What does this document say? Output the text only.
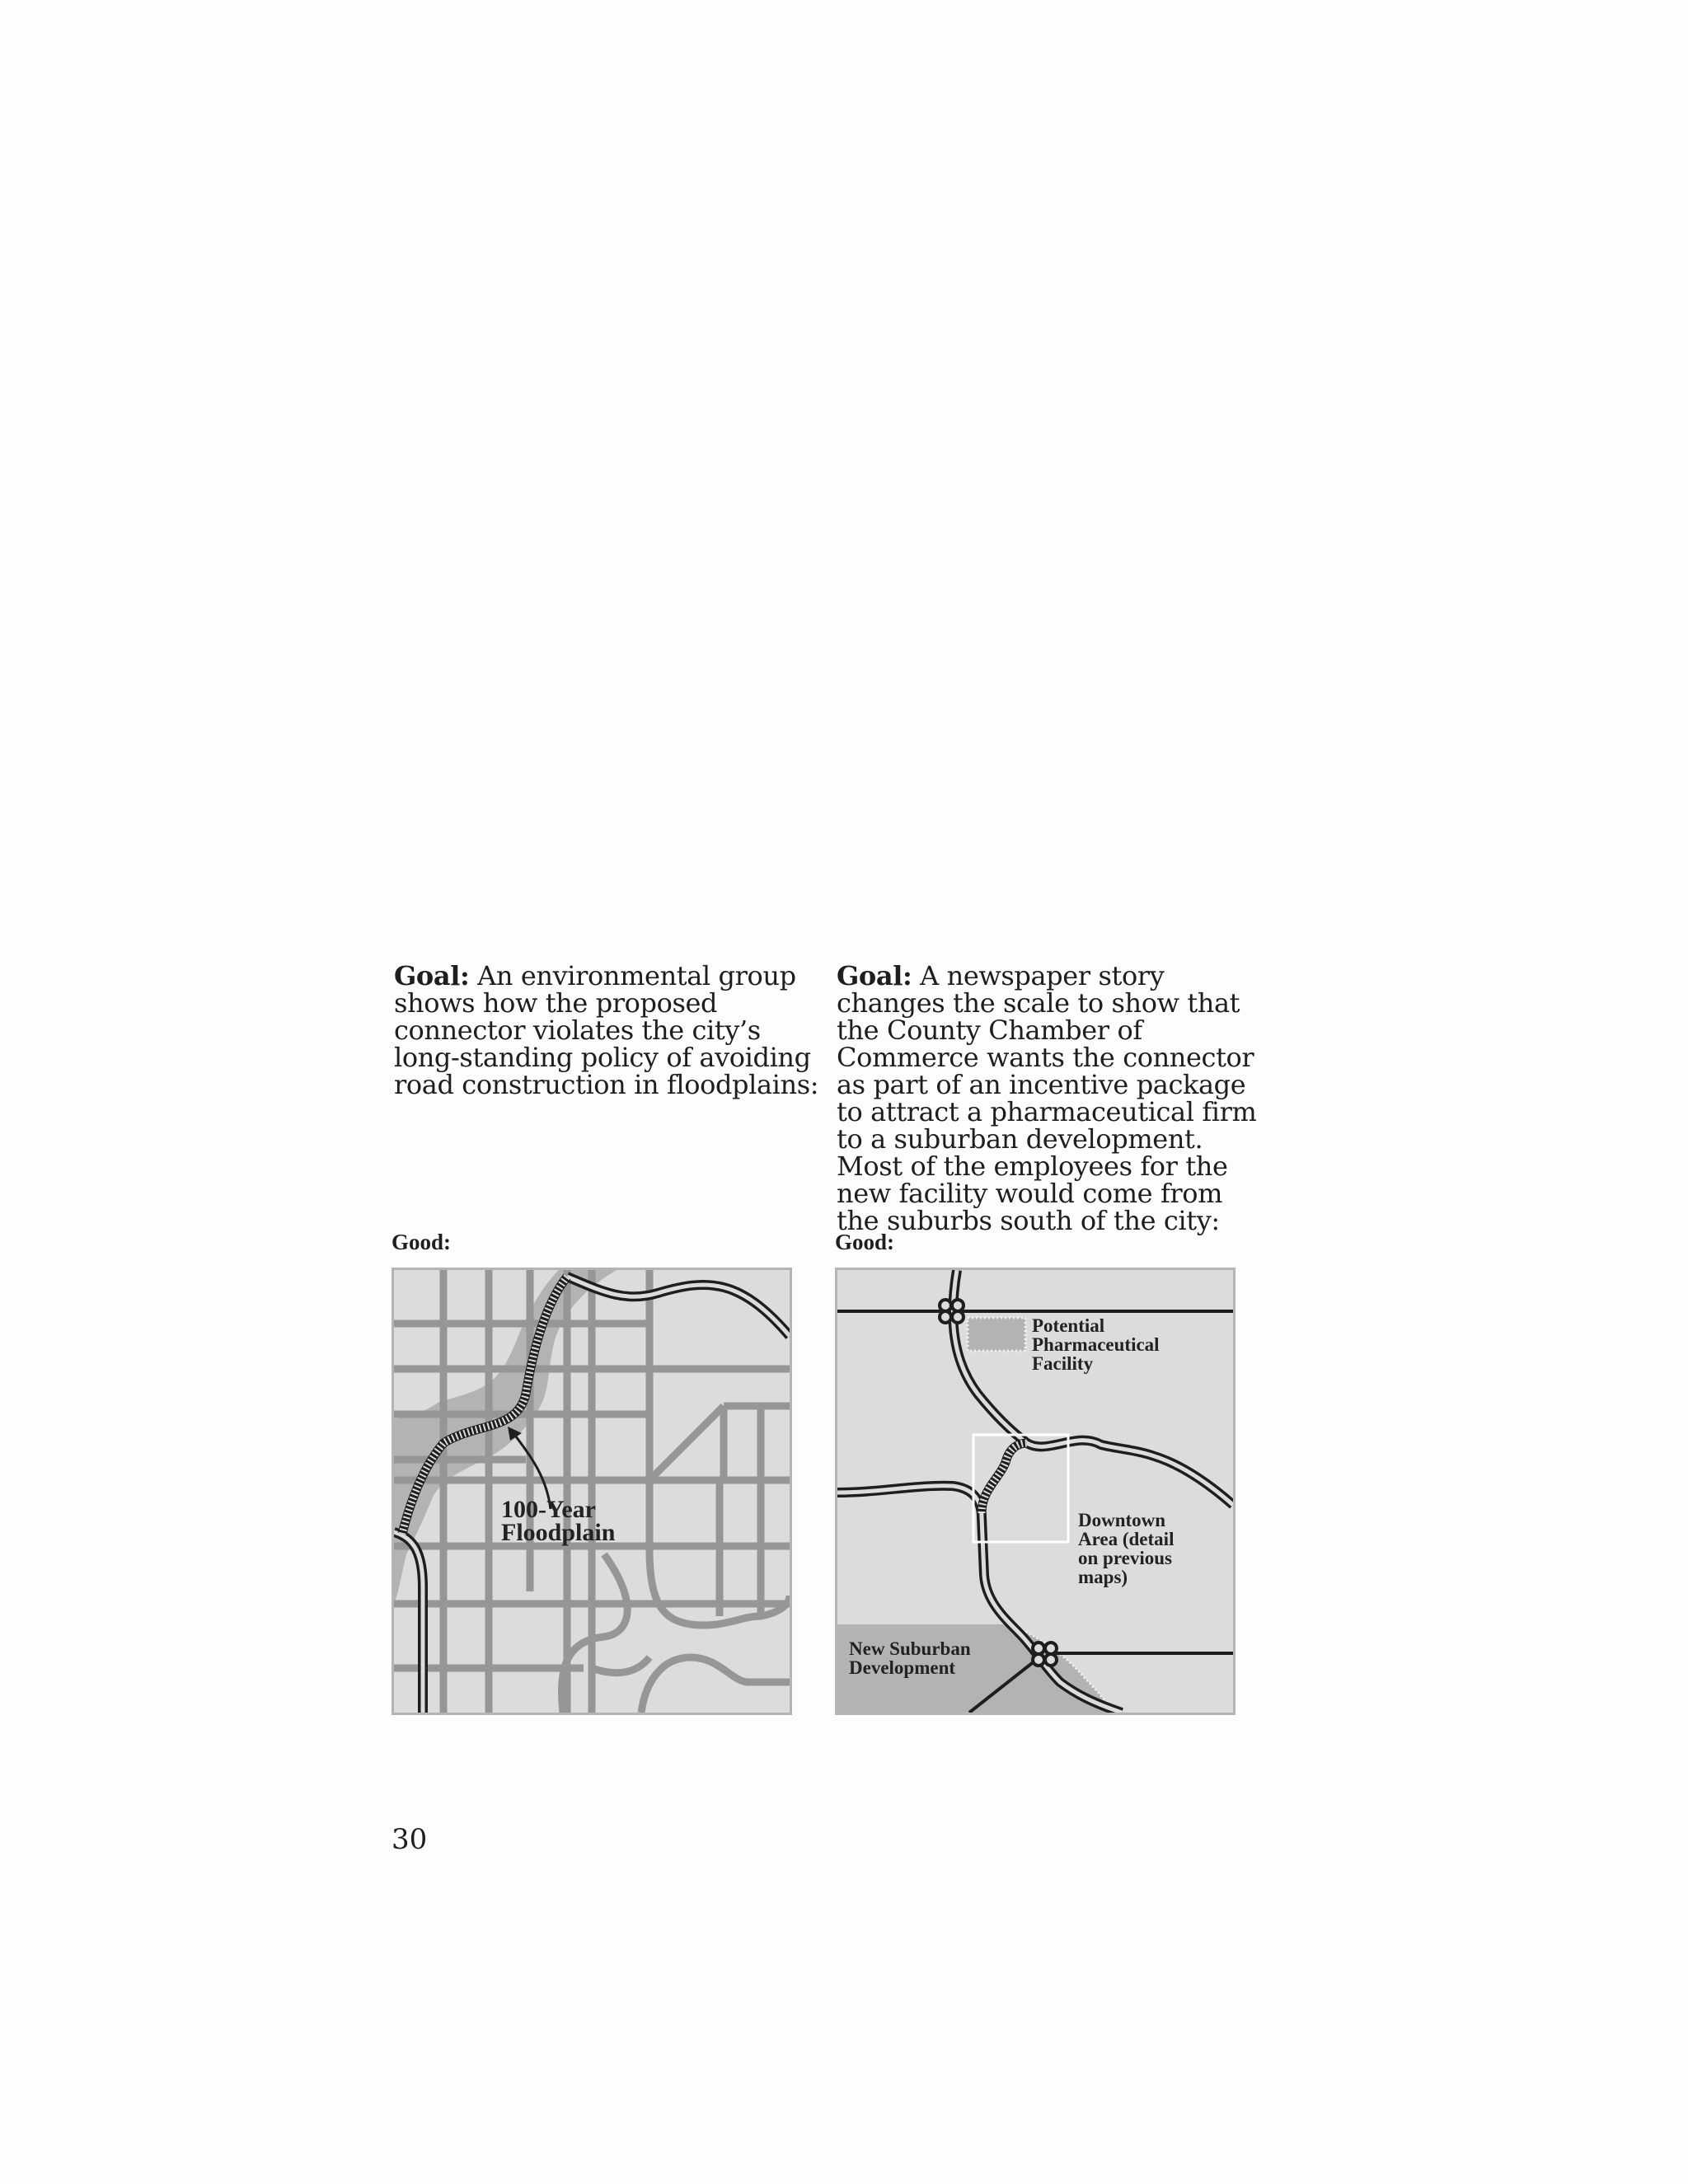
Goal: An environmental group shows how the proposed connector violates the city’s long-standing policy of avoiding road construction in floodplains:

Good:
100-Year
Floodplain

Goal: A newspaper story changes the scale to show that the County Chamber of Commerce wants the connector as part of an incentive package to attract a pharmaceutical firm to a suburban development. Most of the employees for the new facility would come from the suburbs south of the city:

Good:
Potential
Pharmaceutical
Facility
Downtown
Area (detail
on previous
maps)
New Suburban
Development
30
